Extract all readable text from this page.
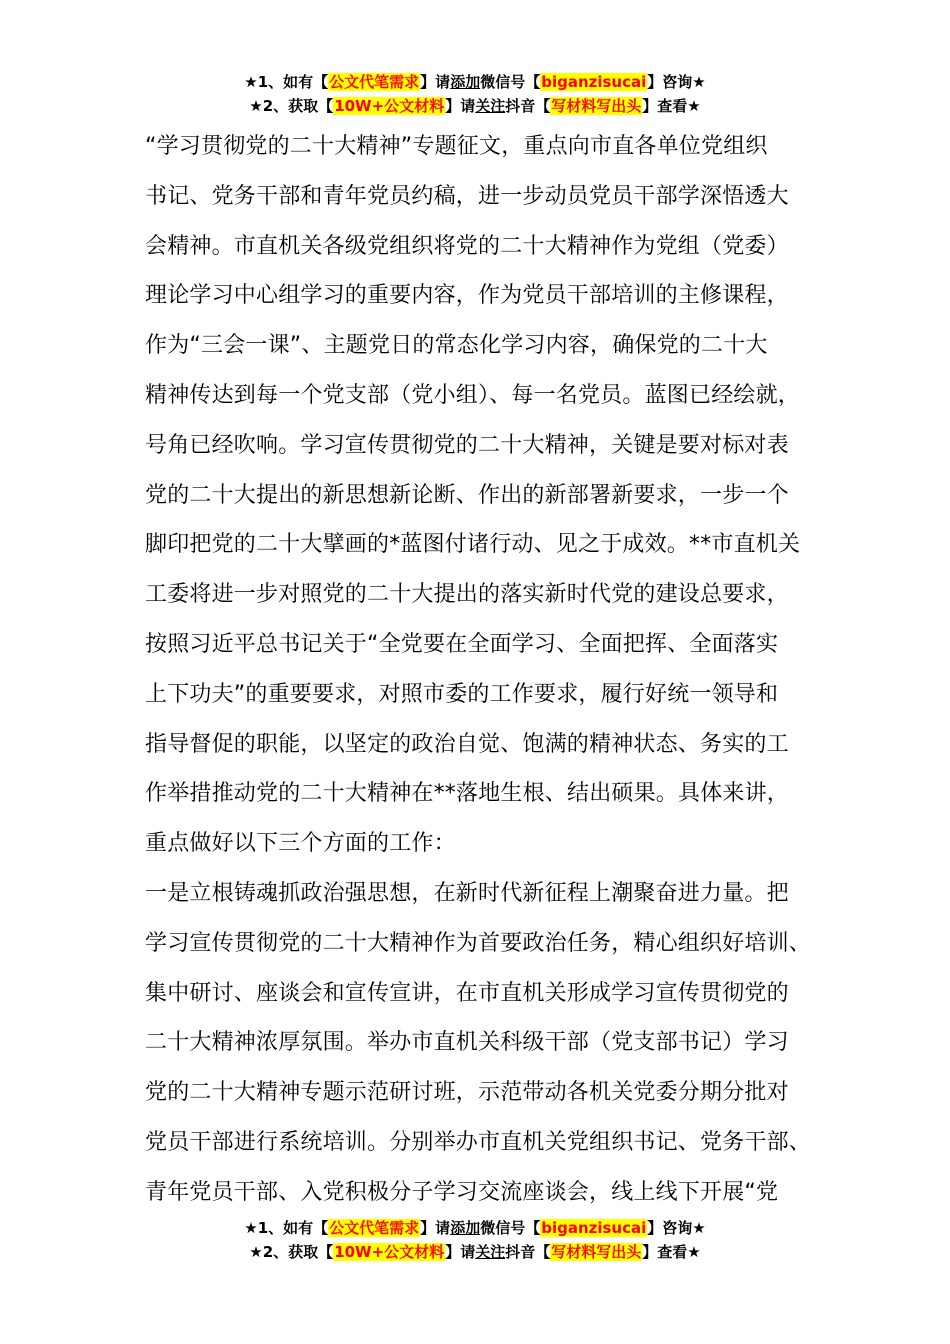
★1、如有【公文代笔需求】请添加微信号【biganzisucai】咨询★
★2、获取【10W+公文材料】请关注抖音【写材料写出头】查看★
“学习贯彻党的二十大精神”专题征文，重点向市直各单位党组织
书记、党务干部和青年党员约稿，进一步动员党员干部学深悟透大
会精神。市直机关各级党组织将党的二十大精神作为党组（党委）
理论学习中心组学习的重要内容，作为党员干部培训的主修课程，
作为“三会一课”、主题党日的常态化学习内容，确保党的二十大
精神传达到每一个党支部（党小组）、每一名党员。蓝图已经绘就，
号角已经吹响。学习宣传贯彻党的二十大精神，关键是要对标对表
党的二十大提出的新思想新论断、作出的新部署新要求，一步一个
脚印把党的二十大擘画的*蓝图付诸行动、见之于成效。**市直机关
工委将进一步对照党的二十大提出的落实新时代党的建设总要求，
按照习近平总书记关于“全党要在全面学习、全面把挥、全面落实
上下功夫”的重要要求，对照市委的工作要求，履行好统一领导和
指导督促的职能，以坚定的政治自觉、饱满的精神状态、务实的工
作举措推动党的二十大精神在**落地生根、结出硕果。具体来讲，
重点做好以下三个方面的工作：
一是立根铸魂抓政治强思想，在新时代新征程上潮聚奋进力量。把
学习宣传贯彻党的二十大精神作为首要政治任务，精心组织好培训、
集中研讨、座谈会和宣传宣讲，在市直机关形成学习宣传贯彻党的
二十大精神浓厚氛围。举办市直机关科级干部（党支部书记）学习
党的二十大精神专题示范研讨班，示范带动各机关党委分期分批对
党员干部进行系统培训。分别举办市直机关党组织书记、党务干部、
青年党员干部、入党积极分子学习交流座谈会，线上线下开展“党
★1、如有【公文代笔需求】请添加微信号【biganzisucai】咨询★
★2、获取【10W+公文材料】请关注抖音【写材料写出头】查看★
